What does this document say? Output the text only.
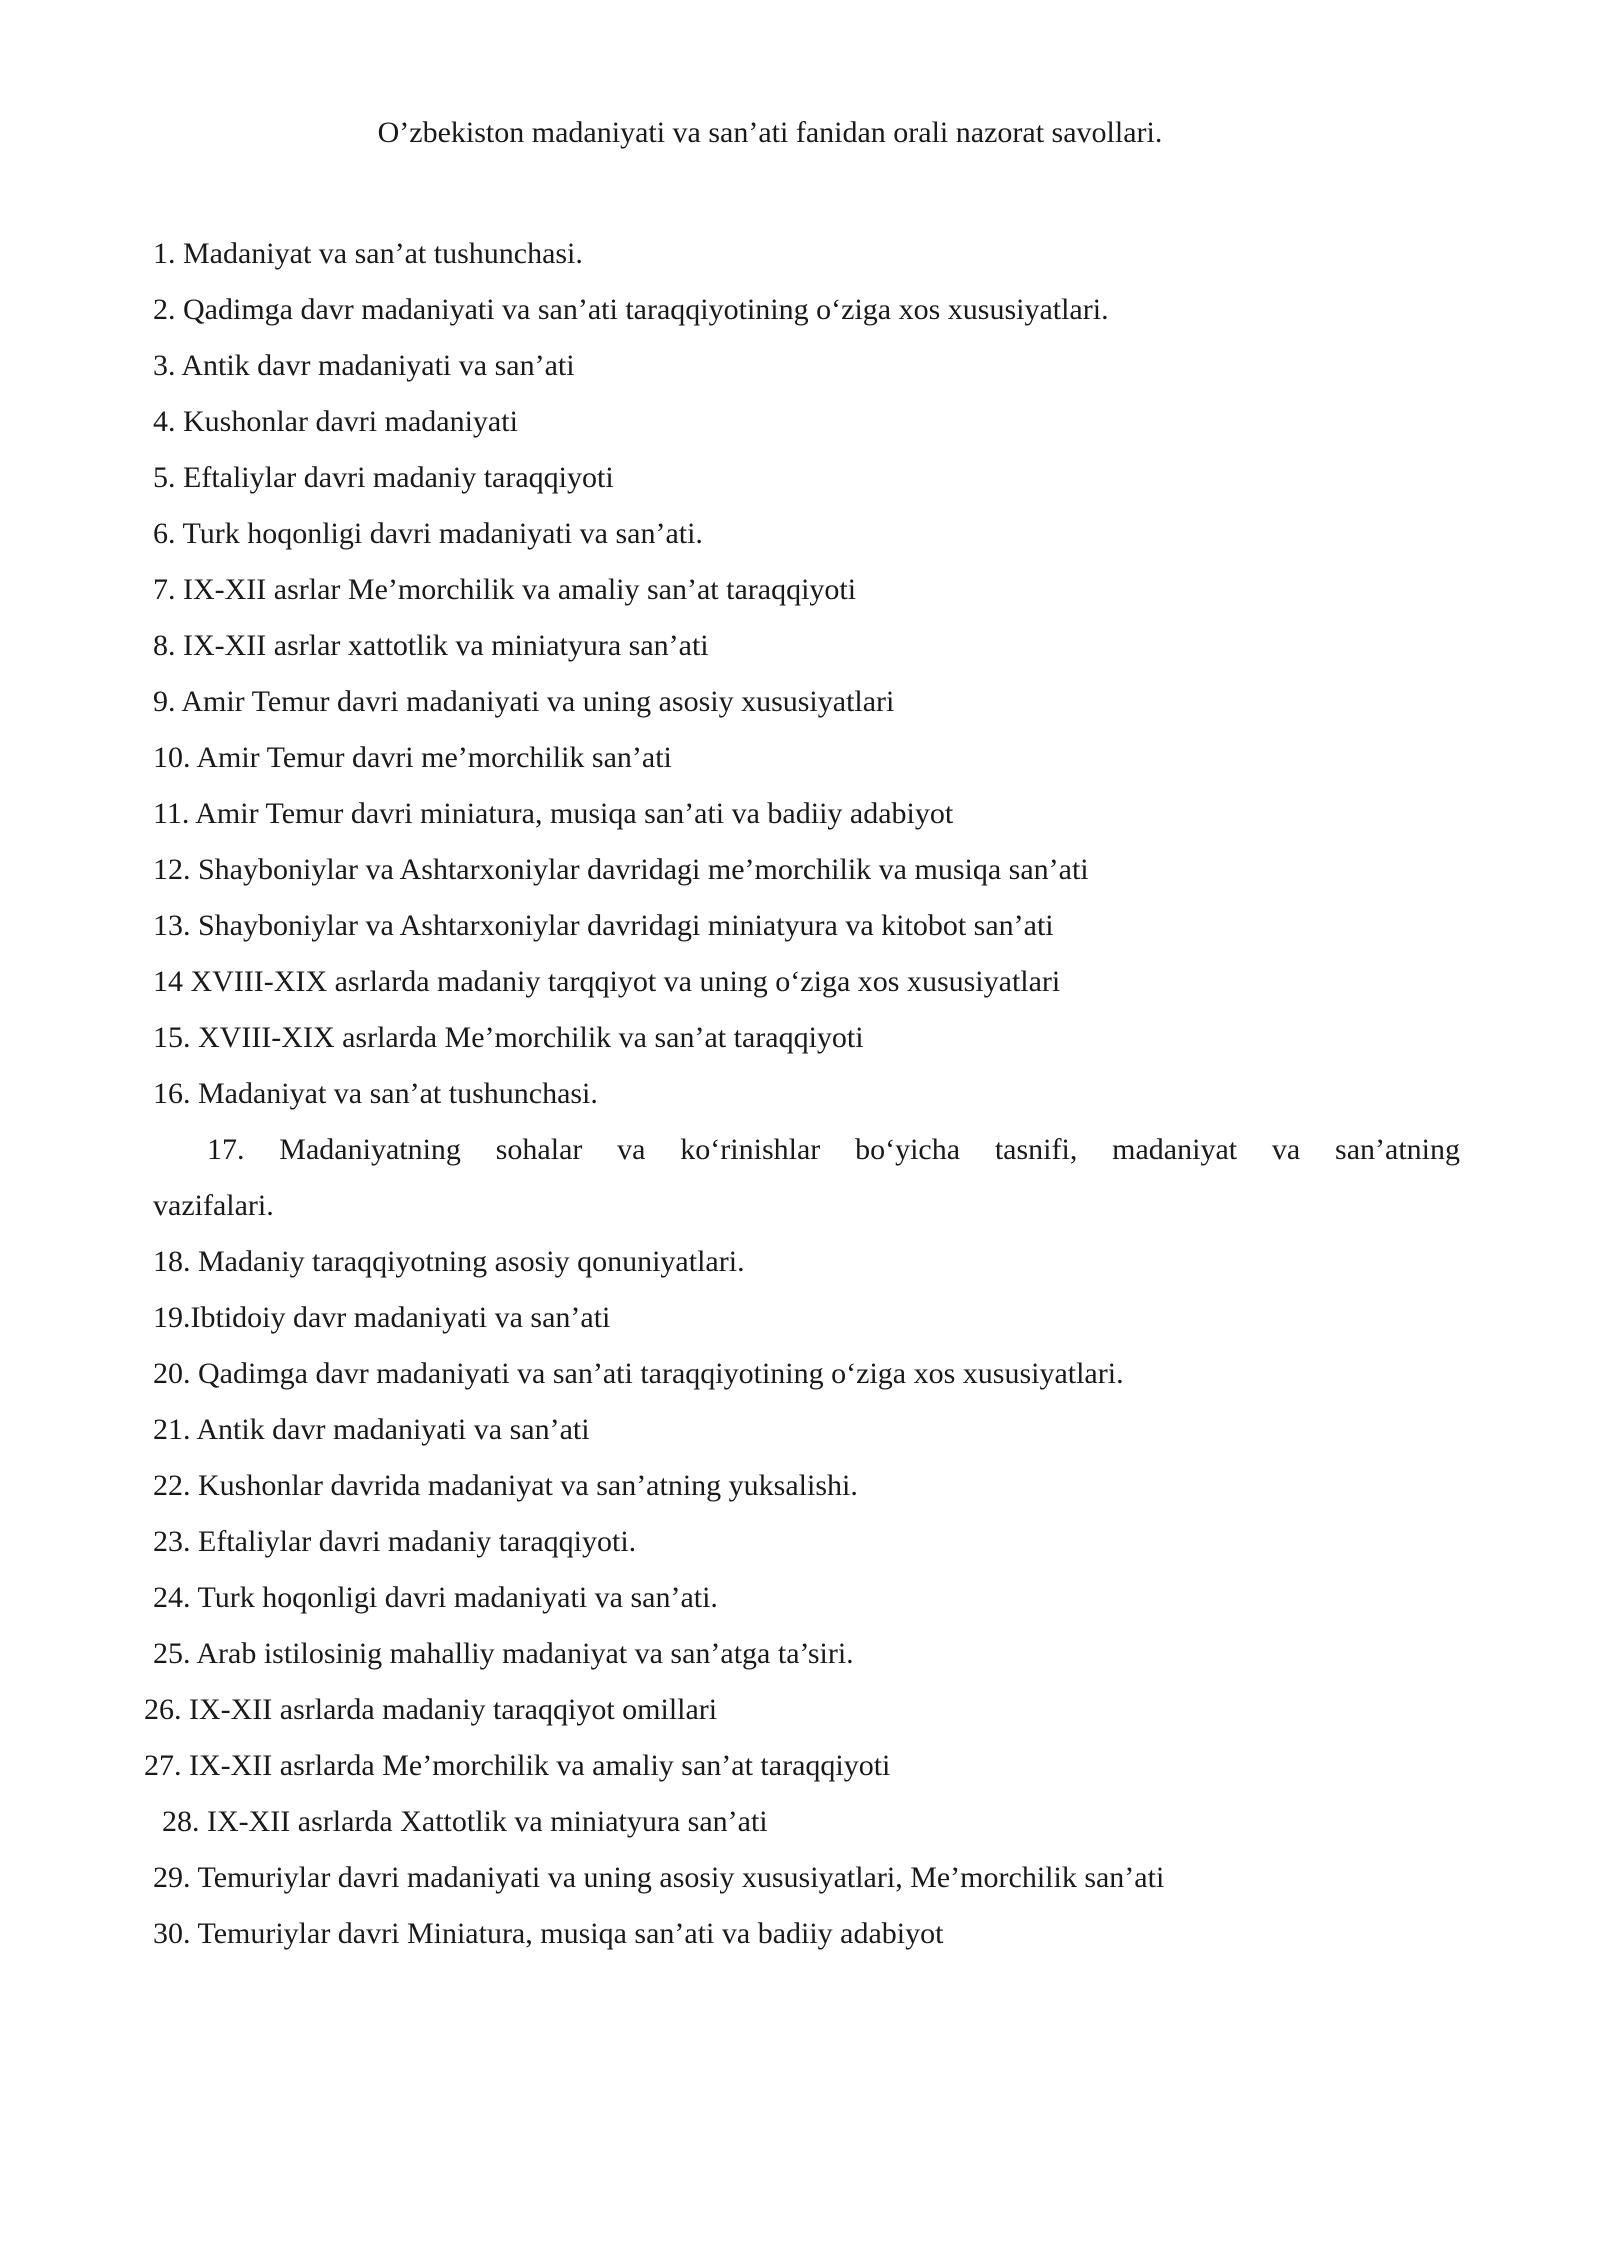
O’zbekiston madaniyati va san’ati fanidan orali nazorat savollari.
1. Madaniyat va san’at tushunchasi.
2. Qadimga davr madaniyati va san’ati taraqqiyotining o‘ziga xos xususiyatlari.
3. Antik davr madaniyati va san’ati
4. Kushonlar davri madaniyati
5. Eftaliylar davri madaniy taraqqiyoti
6. Turk hoqonligi davri madaniyati va san’ati.
7. IX-XII asrlar Me’morchilik va amaliy san’at taraqqiyoti
8. IX-XII asrlar xattotlik va miniatyura san’ati
9. Amir Temur davri madaniyati va uning asosiy xususiyatlari
10. Amir Temur davri me’morchilik san’ati
11. Amir Temur davri miniatura, musiqa san’ati va badiiy adabiyot
12. Shayboniylar va Ashtarxoniylar davridagi me’morchilik va musiqa san’ati
13. Shayboniylar va Ashtarxoniylar davridagi miniatyura va kitobot san’ati
14 XVIII-XIX asrlarda madaniy tarqqiyot va uning o‘ziga xos xususiyatlari
15. XVIII-XIX asrlarda Me’morchilik va san’at taraqqiyoti
16. Madaniyat va san’at tushunchasi.
17. Madaniyatning sohalar va ko‘rinishlar bo‘yicha tasnifi, madaniyat va san’atning
vazifalari.
18. Madaniy taraqqiyotning asosiy qonuniyatlari.
19.Ibtidoiy davr madaniyati va san’ati
20. Qadimga davr madaniyati va san’ati taraqqiyotining o‘ziga xos xususiyatlari.
21. Antik davr madaniyati va san’ati
22. Kushonlar davrida madaniyat va san’atning yuksalishi.
23. Eftaliylar davri madaniy taraqqiyoti.
24. Turk hoqonligi davri madaniyati va san’ati.
25. Arab istilosinig mahalliy madaniyat va san’atga ta’siri.
26. IX-XII asrlarda madaniy taraqqiyot omillari
27. IX-XII asrlarda Me’morchilik va amaliy san’at taraqqiyoti
28. IX-XII asrlarda Xattotlik va miniatyura san’ati
29. Temuriylar davri madaniyati va uning asosiy xususiyatlari, Me’morchilik san’ati
30. Temuriylar davri Miniatura, musiqa san’ati va badiiy adabiyot
